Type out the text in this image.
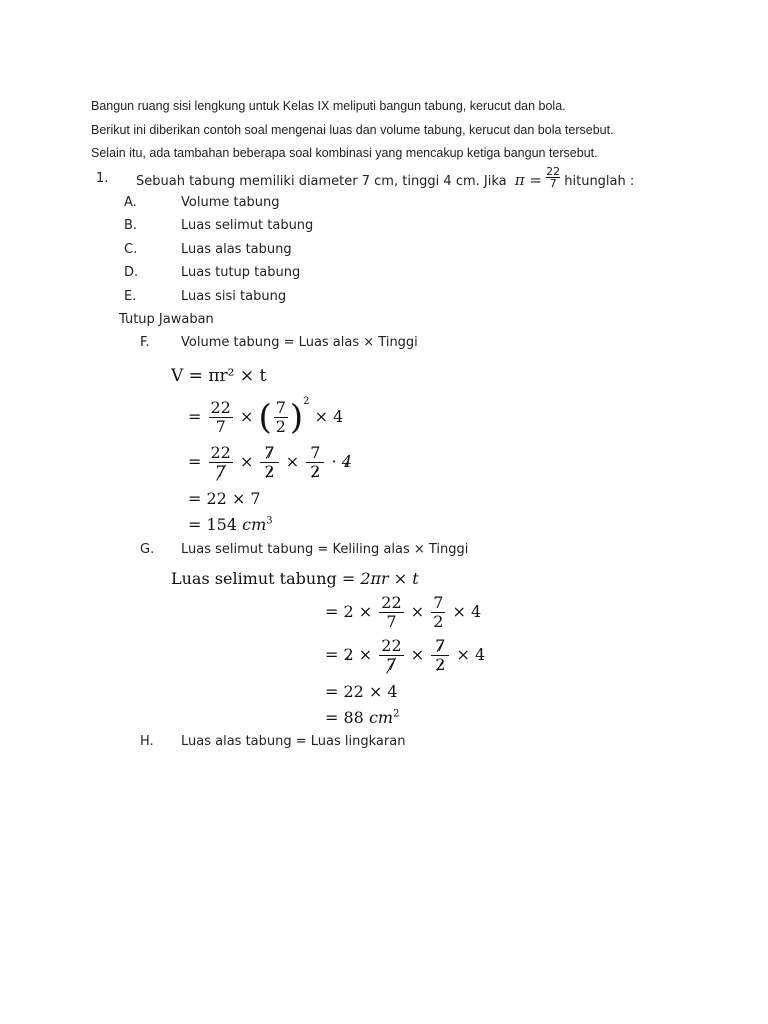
Bangun ruang sisi lengkung untuk Kelas IX meliputi bangun tabung, kerucut dan bola.
Berikut ini diberikan contoh soal mengenai luas dan volume tabung, kerucut dan bola tersebut.
Selain itu, ada tambahan beberapa soal kombinasi yang mencakup ketiga bangun tersebut.
1. Sebuah tabung memiliki diameter 7 cm, tinggi 4 cm. Jika $\pi = \frac{22}{7}$ hitunglah :
A.	Volume tabung
B.	Luas selimut tabung
C.	Luas alas tabung
D.	Luas tutup tabung
E.	Luas sisi tabung
Tutup Jawaban
F. Volume tabung = Luas alas × Tinggi
V = πr² × t
= $\frac{22}{7}$ × ( $\frac{7}{2} )^2 \times 4$
= $\frac{22}{7} \times \frac{7}{2} \times \frac{7}{2} \cdot 4$
= 22 × 7
= 154 $cm^3$
G. Luas selimut tabung = Keliling alas × Tinggi
Luas selimut tabung = 2πr × t
= $2 \times \frac{22}{7} \times \frac{7}{2} \times 4$
= $2 \times \frac{22}{7} \times \frac{7}{2} \times 4$
= 22 × 4
= 88 $cm^2$
H. Luas alas tabung = Luas lingkaran
